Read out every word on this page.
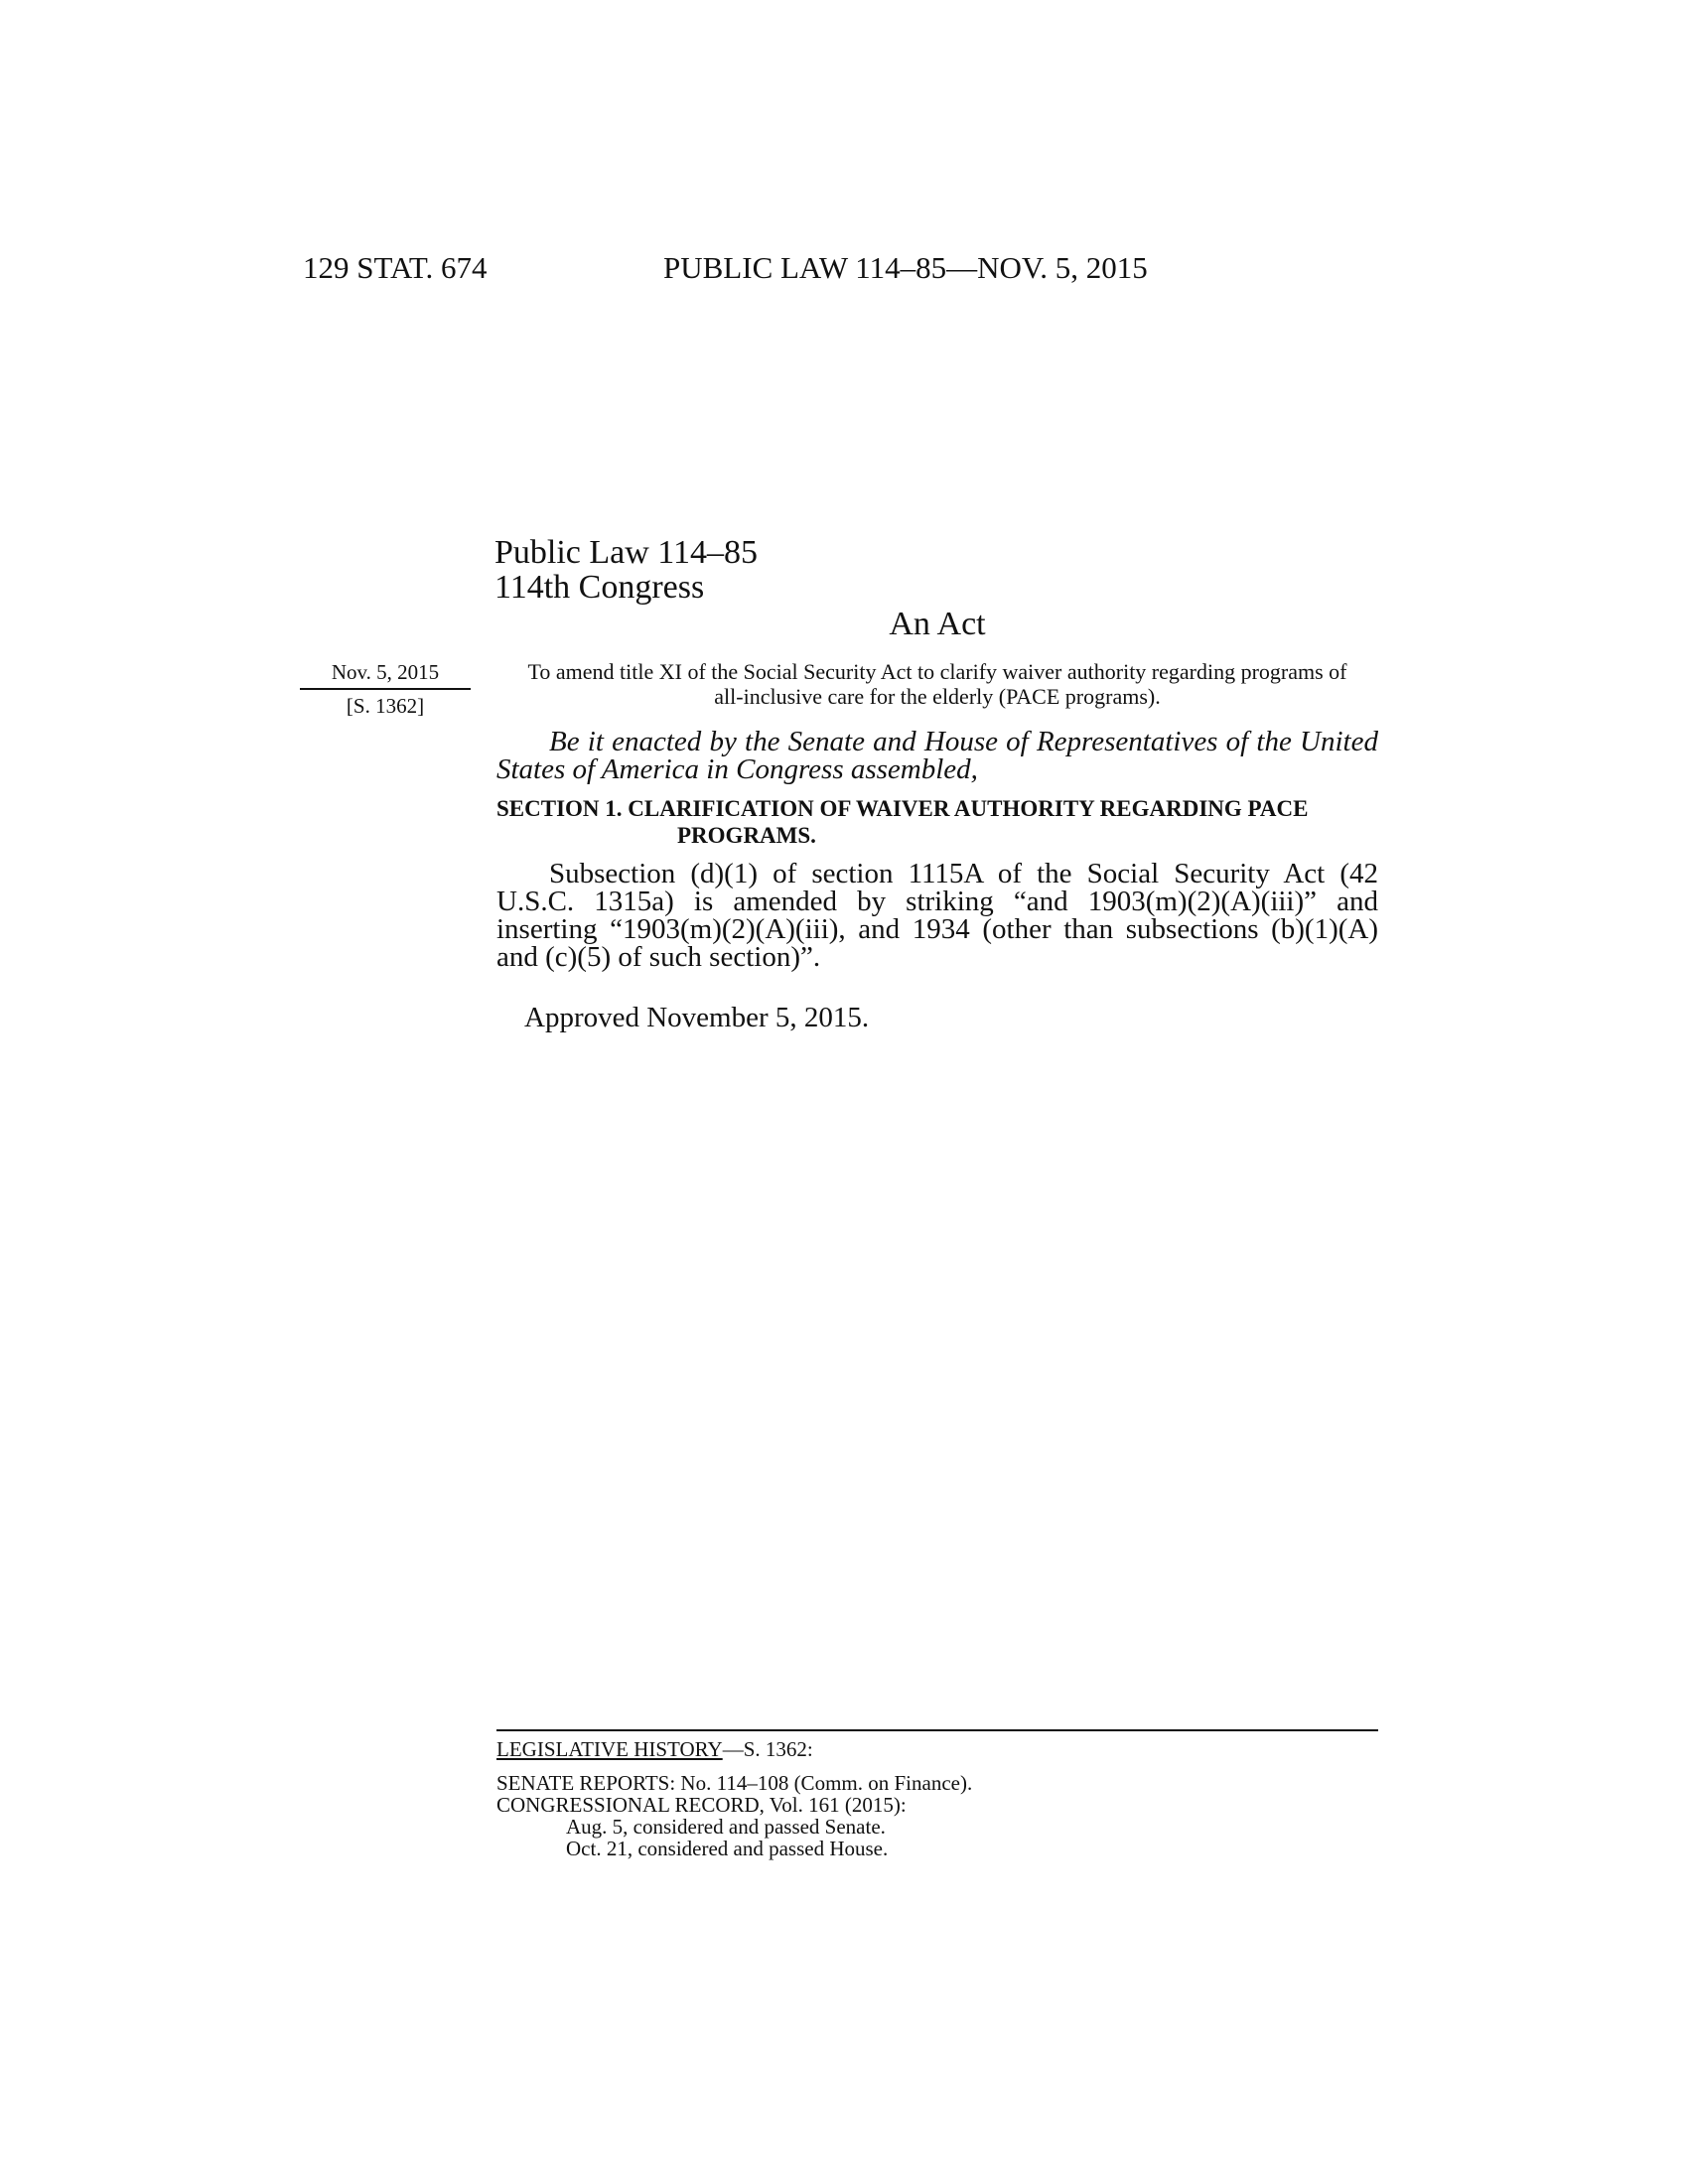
129 STAT. 674	PUBLIC LAW 114–85—NOV. 5, 2015
Public Law 114–85
114th Congress
An Act
Nov. 5, 2015
[S. 1362]

To amend title XI of the Social Security Act to clarify waiver authority regarding programs of all-inclusive care for the elderly (PACE programs).

Be it enacted by the Senate and House of Representatives of the United States of America in Congress assembled,

SECTION 1. CLARIFICATION OF WAIVER AUTHORITY REGARDING PACE
PROGRAMS.

Subsection (d)(1) of section 1115A of the Social Security Act (42 U.S.C. 1315a) is amended by striking “and 1903(m)(2)(A)(iii)” and inserting “1903(m)(2)(A)(iii), and 1934 (other than subsections (b)(1)(A) and (c)(5) of such section)”.

Approved November 5, 2015.
LEGISLATIVE HISTORY—S. 1362:
SENATE REPORTS: No. 114–108 (Comm. on Finance).
CONGRESSIONAL RECORD, Vol. 161 (2015):
Aug. 5, considered and passed Senate.
Oct. 21, considered and passed House.
